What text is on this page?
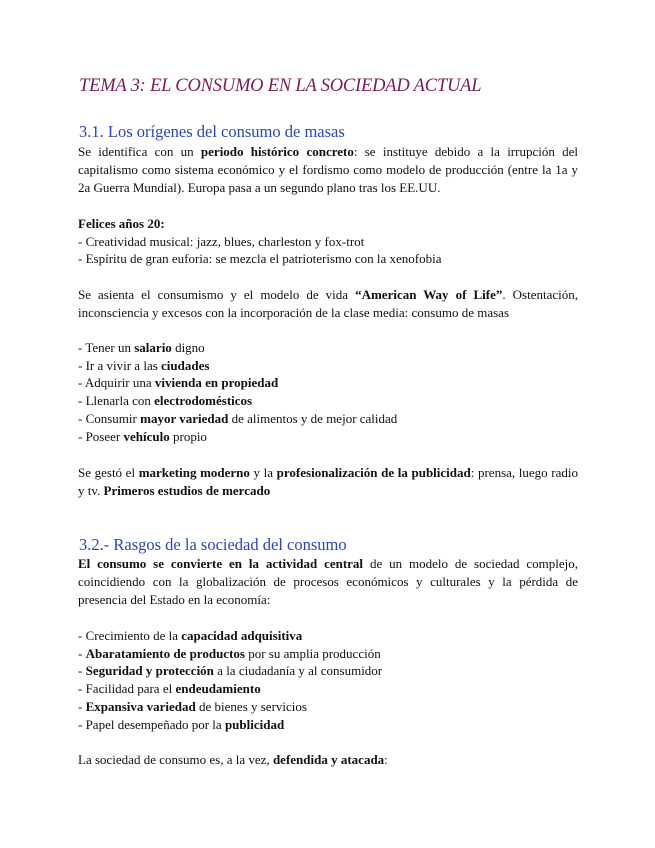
TEMA 3: EL CONSUMO EN LA SOCIEDAD ACTUAL
3.1. Los orígenes del consumo de masas
Se identifica con un periodo histórico concreto: se instituye debido a la irrupción del capitalismo como sistema económico y el fordismo como modelo de producción (entre la 1a y 2a Guerra Mundial). Europa pasa a un segundo plano tras los EE.UU.
Felices años 20:
- Creatividad musical: jazz, blues, charleston y fox-trot
- Espíritu de gran euforia: se mezcla el patrioterismo con la xenofobia
Se asienta el consumismo y el modelo de vida “American Way of Life”. Ostentación, inconsciencia y excesos con la incorporación de la clase media: consumo de masas
- Tener un salario digno
- Ir a vivir a las ciudades
- Adquirir una vivienda en propiedad
- Llenarla con electrodomésticos
- Consumir mayor variedad de alimentos y de mejor calidad
- Poseer vehículo propio
Se gestó el marketing moderno y la profesionalización de la publicidad: prensa, luego radio y tv. Primeros estudios de mercado
3.2.- Rasgos de la sociedad del consumo
El consumo se convierte en la actividad central de un modelo de sociedad complejo, coincidiendo con la globalización de procesos económicos y culturales y la pérdida de presencia del Estado en la economía:
- Crecimiento de la capacidad adquisitiva
- Abaratamiento de productos por su amplia producción
- Seguridad y protección a la ciudadanía y al consumidor
- Facilidad para el endeudamiento
- Expansiva variedad de bienes y servicios
- Papel desempeñado por la publicidad
La sociedad de consumo es, a la vez, defendida y atacada:
